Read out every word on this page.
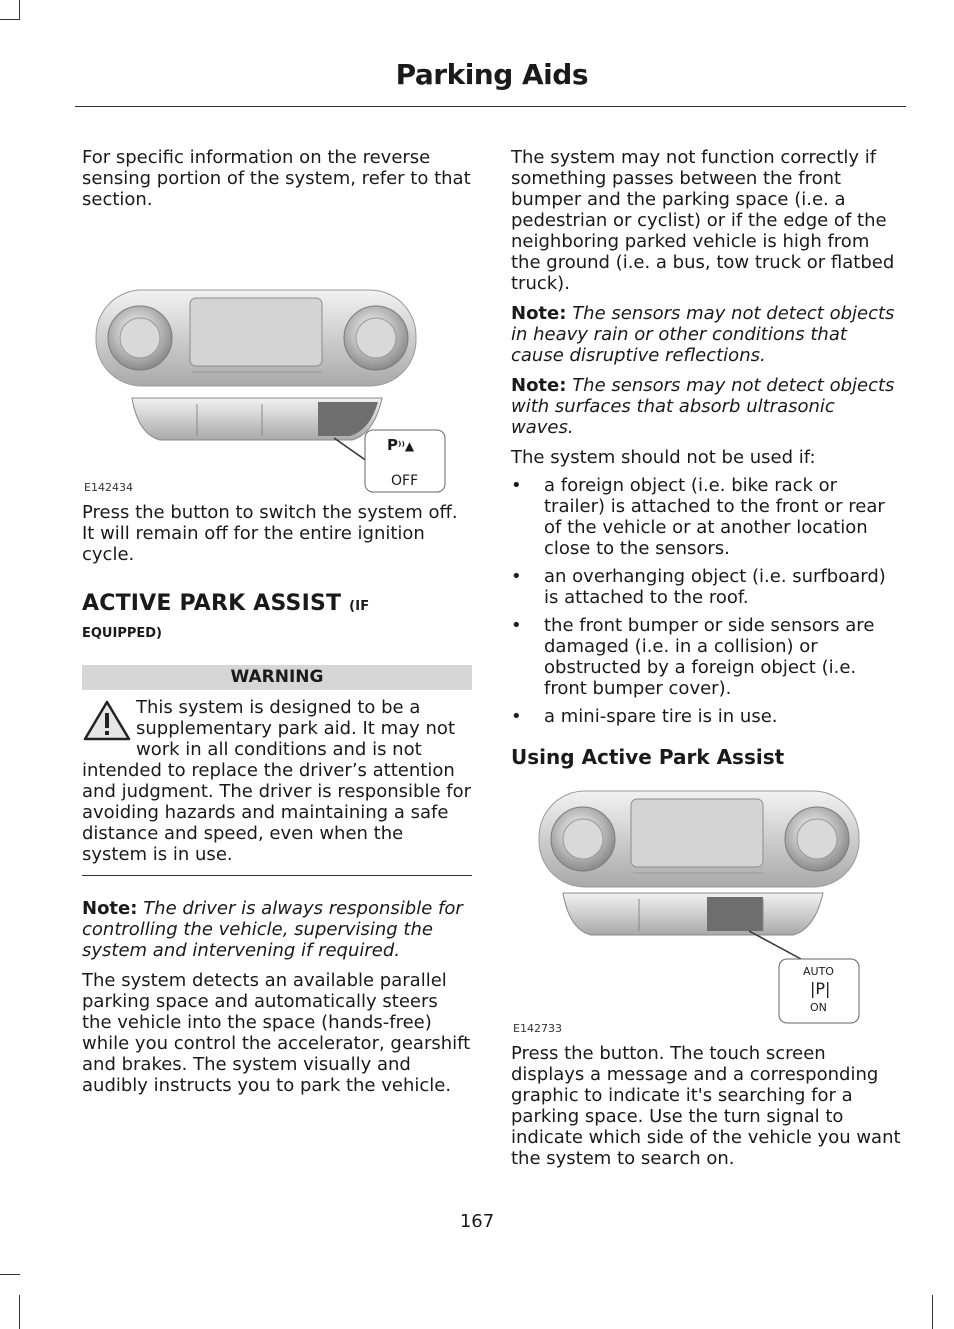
Parking Aids

For specific information on the reverse sensing portion of the system, refer to that section.

P⁾⁾▲
OFF
E142434

Press the button to switch the system off. It will remain off for the entire ignition cycle.

ACTIVE PARK ASSIST (IF
EQUIPPED)
WARNING
This system is designed to be a supplementary park aid. It may not work in all conditions and is not intended to replace the driver’s attention and judgment. The driver is responsible for avoiding hazards and maintaining a safe distance and speed, even when the system is in use.

Note: The driver is always responsible for controlling the vehicle, supervising the system and intervening if required.

The system detects an available parallel parking space and automatically steers the vehicle into the space (hands-free) while you control the accelerator, gearshift and brakes. The system visually and audibly instructs you to park the vehicle.

The system may not function correctly if something passes between the front bumper and the parking space (i.e. a pedestrian or cyclist) or if the edge of the neighboring parked vehicle is high from the ground (i.e. a bus, tow truck or flatbed truck).

Note: The sensors may not detect objects in heavy rain or other conditions that cause disruptive reflections.

Note: The sensors may not detect objects with surfaces that absorb ultrasonic waves.

The system should not be used if:

• a foreign object (i.e. bike rack or trailer) is attached to the front or rear of the vehicle or at another location close to the sensors.
• an overhanging object (i.e. surfboard) is attached to the roof.
• the front bumper or side sensors are damaged (i.e. in a collision) or obstructed by a foreign object (i.e. front bumper cover).
• a mini-spare tire is in use.
Using Active Park Assist
AUTO
|P|
ON
E142733

Press the button. The touch screen displays a message and a corresponding graphic to indicate it's searching for a parking space. Use the turn signal to indicate which side of the vehicle you want the system to search on.

167
